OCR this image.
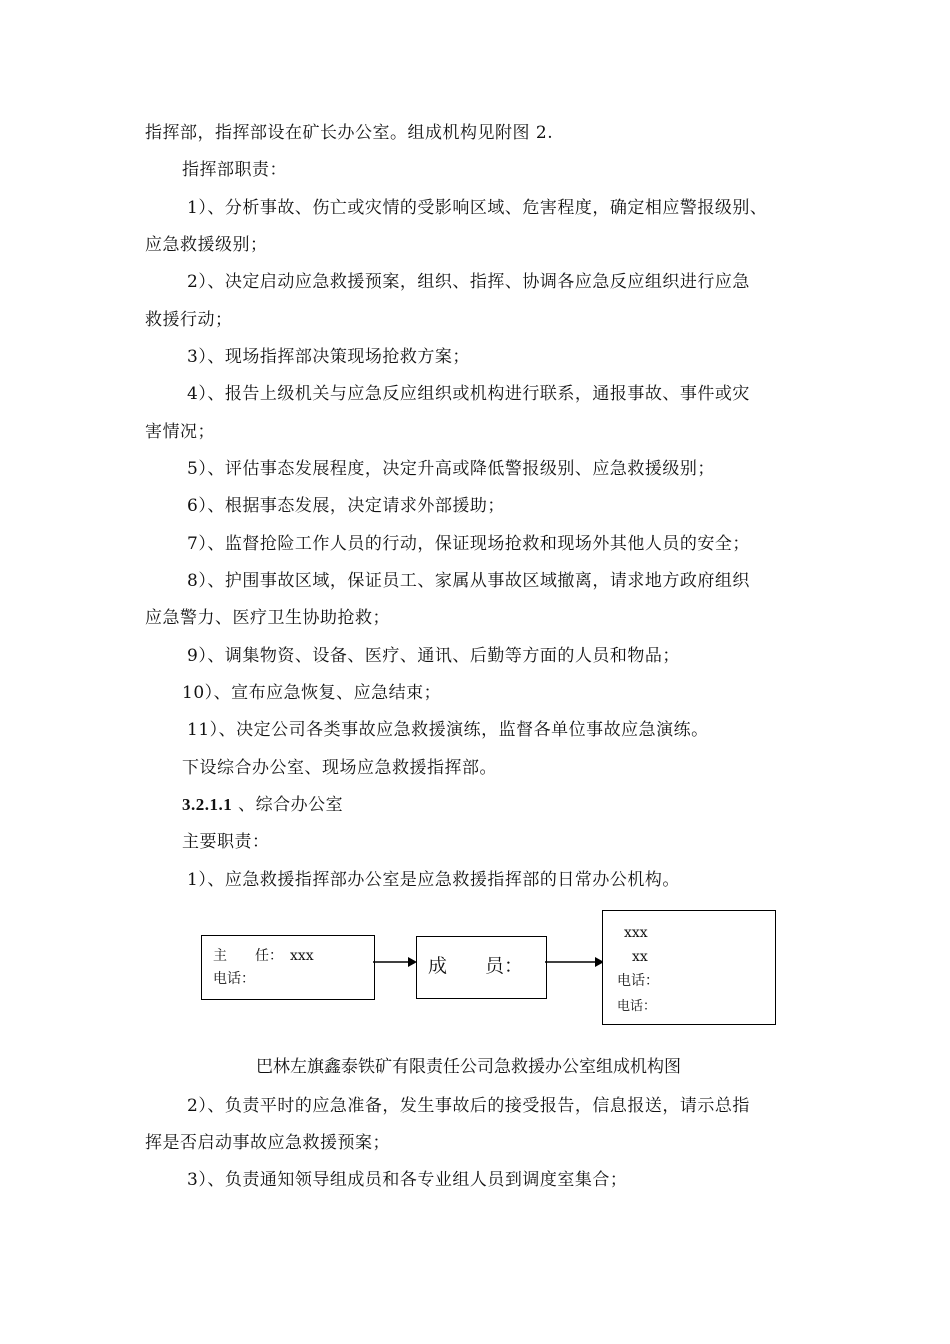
指挥部，指挥部设在矿长办公室。组成机构见附图 2.
指挥部职责：
1）、分析事故、伤亡或灾情的受影响区域、危害程度，确定相应警报级别、
应急救援级别；
2）、决定启动应急救援预案，组织、指挥、协调各应急反应组织进行应急
救援行动；
3）、现场指挥部决策现场抢救方案；
4）、报告上级机关与应急反应组织或机构进行联系，通报事故、事件或灾
害情况；
5）、评估事态发展程度，决定升高或降低警报级别、应急救援级别；
6）、根据事态发展，决定请求外部援助；
7）、监督抢险工作人员的行动，保证现场抢救和现场外其他人员的安全；
8）、护围事故区域，保证员工、家属从事故区域撤离，请求地方政府组织
应急警力、医疗卫生协助抢救；
9）、调集物资、设备、医疗、通讯、后勤等方面的人员和物品；
10）、宣布应急恢复、应急结束；
11）、决定公司各类事故应急救援演练，监督各单位事故应急演练。
下设综合办公室、现场应急救援指挥部。
3.2.1.1 、综合办公室
主要职责：
1）、应急救援指挥部办公室是应急救援指挥部的日常办公机构。
主　　任：　xxx
电话：
成　　员：
xxx
xx
电话：
电话：
巴林左旗鑫泰铁矿有限责任公司急救援办公室组成机构图
2）、负责平时的应急准备，发生事故后的接受报告，信息报送，请示总指
挥是否启动事故应急救援预案；
3）、负责通知领导组成员和各专业组人员到调度室集合；
